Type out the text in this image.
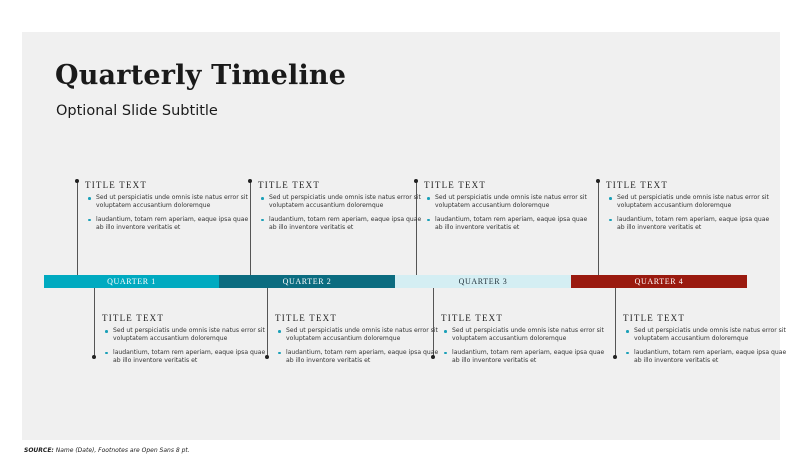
Quarterly Timeline
Optional Slide Subtitle
QUARTER 1	QUARTER 2	QUARTER 3	QUARTER 4
TITLE TEXT
Sed ut perspiciatis unde omnis iste natus error sit voluptatem accusantium doloremque
laudantium, totam rem aperiam, eaque ipsa quae ab illo inventore veritatis et
TITLE TEXT
Sed ut perspiciatis unde omnis iste natus error sit voluptatem accusantium doloremque
laudantium, totam rem aperiam, eaque ipsa quae ab illo inventore veritatis et
TITLE TEXT
Sed ut perspiciatis unde omnis iste natus error sit voluptatem accusantium doloremque
laudantium, totam rem aperiam, eaque ipsa quae ab illo inventore veritatis et
TITLE TEXT
Sed ut perspiciatis unde omnis iste natus error sit voluptatem accusantium doloremque
laudantium, totam rem aperiam, eaque ipsa quae ab illo inventore veritatis et
TITLE TEXT
Sed ut perspiciatis unde omnis iste natus error sit voluptatem accusantium doloremque
laudantium, totam rem aperiam, eaque ipsa quae ab illo inventore veritatis et
TITLE TEXT
Sed ut perspiciatis unde omnis iste natus error sit voluptatem accusantium doloremque
laudantium, totam rem aperiam, eaque ipsa quae ab illo inventore veritatis et
TITLE TEXT
Sed ut perspiciatis unde omnis iste natus error sit voluptatem accusantium doloremque
laudantium, totam rem aperiam, eaque ipsa quae ab illo inventore veritatis et
TITLE TEXT
Sed ut perspiciatis unde omnis iste natus error sit voluptatem accusantium doloremque
laudantium, totam rem aperiam, eaque ipsa quae ab illo inventore veritatis et
SOURCE: Name (Date), Footnotes are Open Sans 8 pt.
